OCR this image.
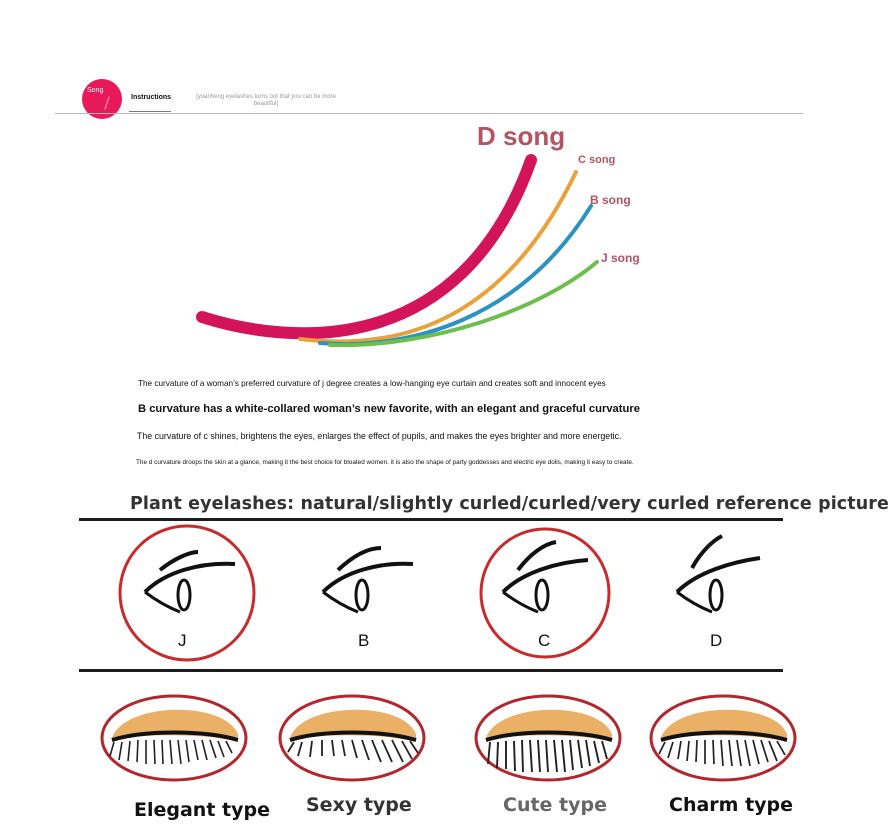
Song
eyelashes	Instructions	[yuanheng eyelashes turns out that you can be more beautiful]
D song
C song
B song
J song
The curvature of a woman’s preferred curvature of j degree creates a low-hanging eye curtain and creates soft and innocent eyes
B curvature has a white-collared woman’s new favorite, with an elegant and graceful curvature
The curvature of c shines, brightens the eyes, enlarges the effect of pupils, and makes the eyes brighter and more energetic.
The d curvature droops the skin at a glance, making it the best choice for bloated women. it is also the shape of party goddesses and electric eye dolls, making it easy to create.
Plant eyelashes: natural/slightly curled/curled/very curled reference picture
J	B	C	D
Elegant type Sexy type	Cute type	Charm type
